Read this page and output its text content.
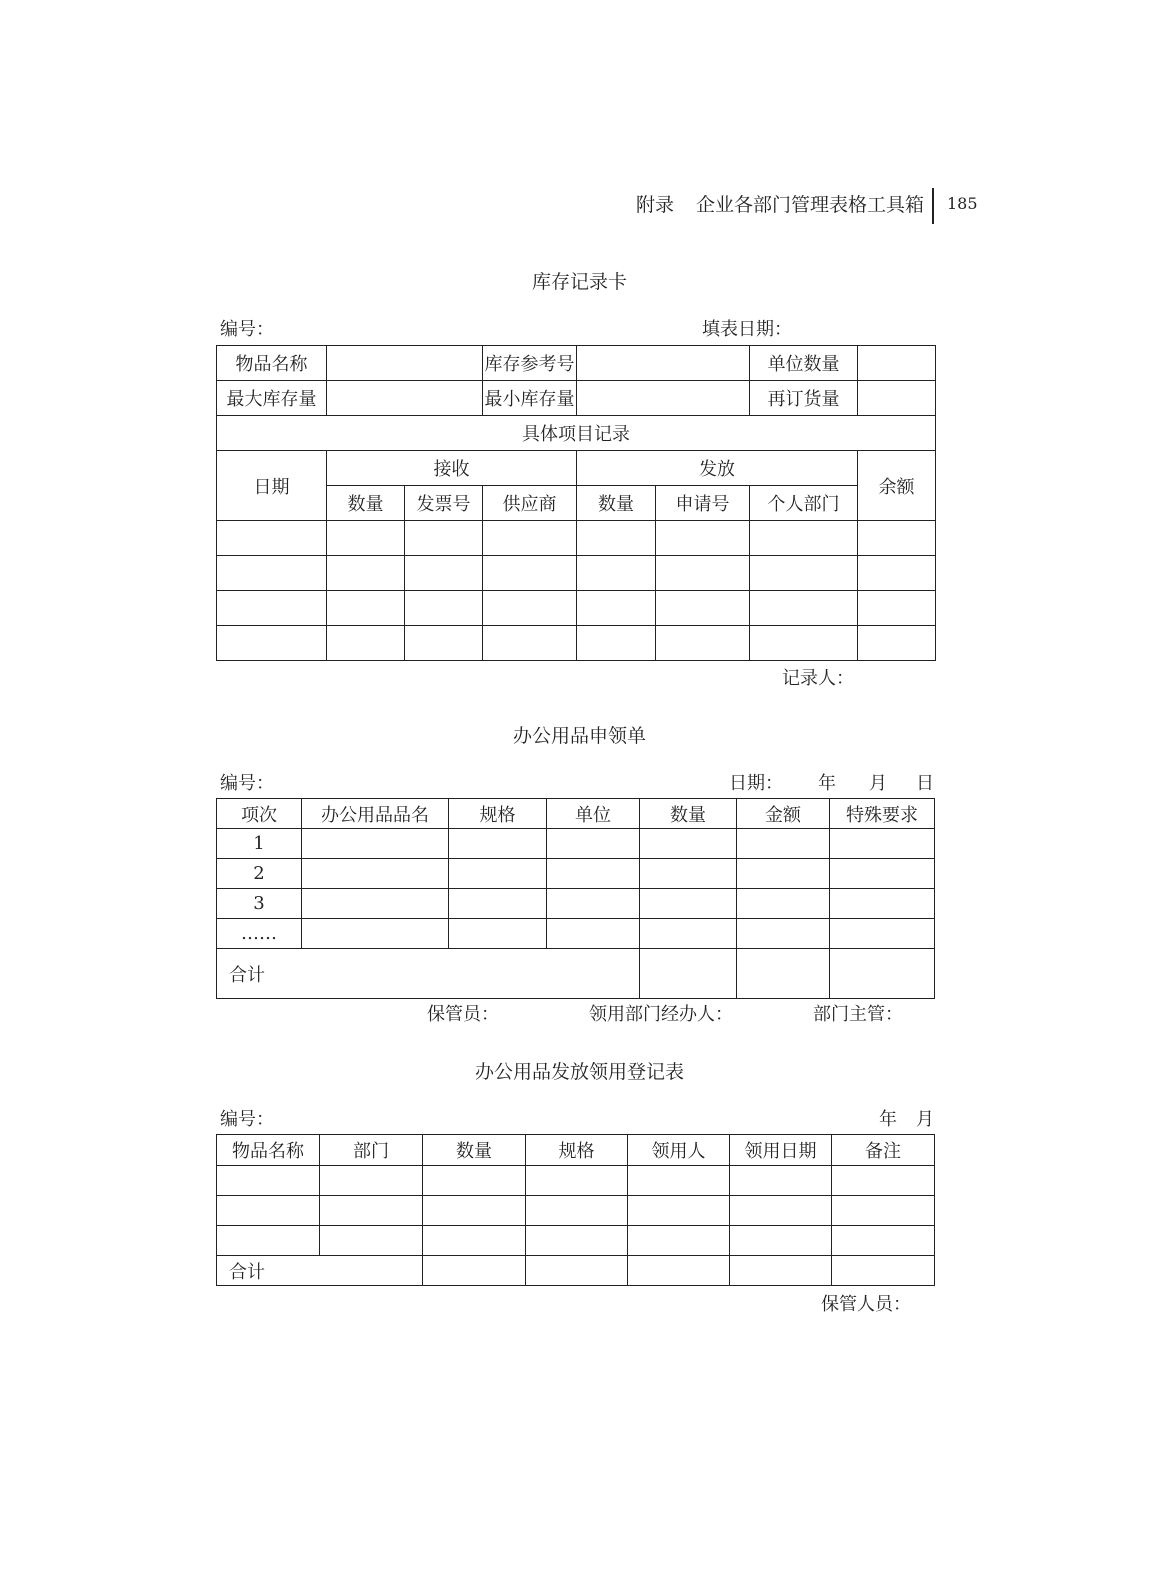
附录 企业各部门管理表格工具箱 185
库存记录卡
编号：	填表日期：
物品名称			库存参考号			单位数量	
最大库存量			最小库存量			再订货量	
具体项目记录							
日期	接收			发放			余额
	数量	发票号	供应商	数量	申请号	个人部门	

记录人：
办公用品申领单
编号：	日期： 年 月 日
项次	办公用品品名	规格	单位	数量	金额	特殊要求
1						
2						
3						
……						
合计						
保管员：	领用部门经办人：	部门主管：
办公用品发放领用登记表
编号：	年 月
物品名称	部门	数量	规格	领用人	领用日期	备注

合计						
保管人员：
